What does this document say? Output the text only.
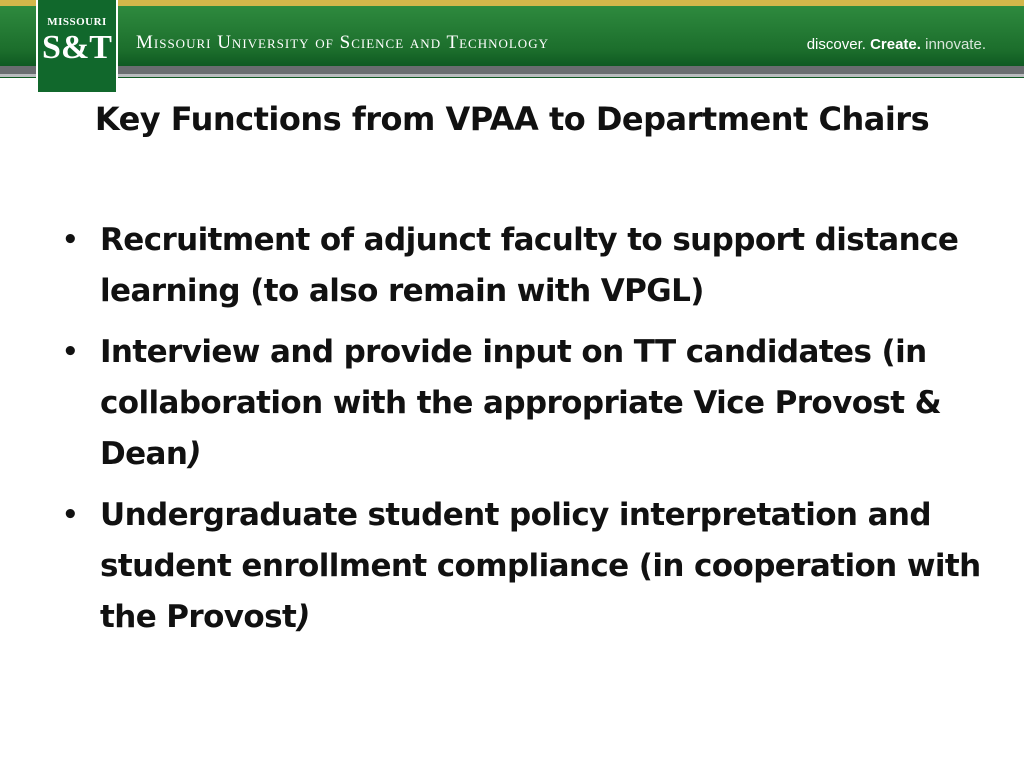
MISSOURI
S&T Missouri University of Science and Technology	discover. Create. innovate.
Key Functions from VPAA to Department Chairs
• Recruitment of adjunct faculty to support distance learning (to also remain with VPGL)
• Interview and provide input on TT candidates (in collaboration with the appropriate Vice Provost & Dean)
• Undergraduate student policy interpretation and student enrollment compliance (in cooperation with the Provost)
